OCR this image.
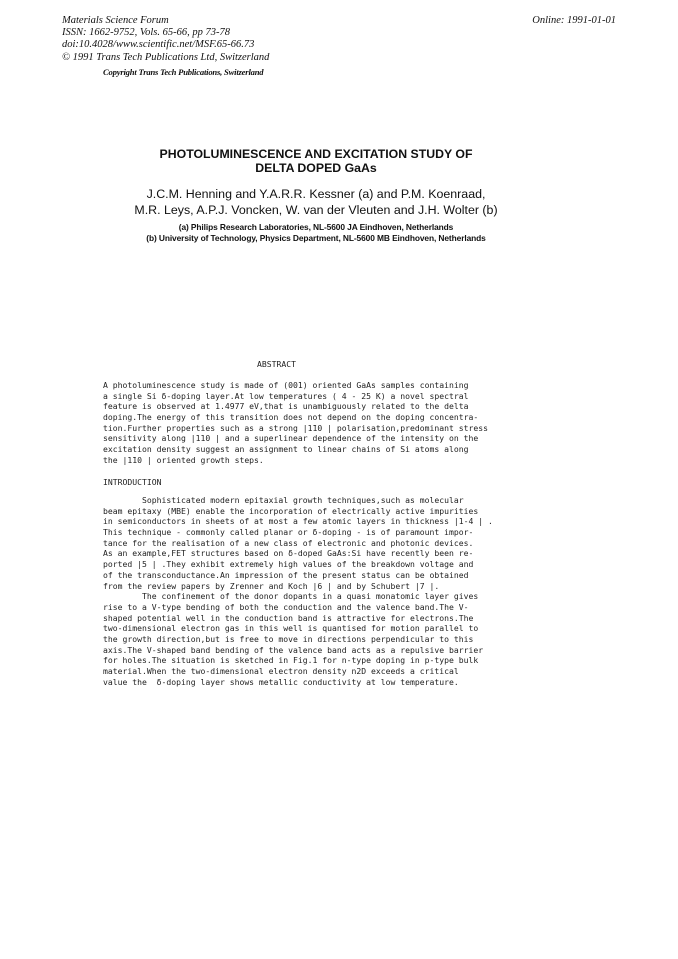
Materials Science Forum
ISSN: 1662-9752, Vols. 65-66, pp 73-78
doi:10.4028/www.scientific.net/MSF.65-66.73
© 1991 Trans Tech Publications Ltd, Switzerland
Online: 1991-01-01
Copyright Trans Tech Publications, Switzerland
PHOTOLUMINESCENCE AND EXCITATION STUDY OF
DELTA DOPED GaAs
J.C.M. Henning and Y.A.R.R. Kessner (a) and P.M. Koenraad,
M.R. Leys, A.P.J. Voncken, W. van der Vleuten and J.H. Wolter (b)
(a) Philips Research Laboratories, NL-5600 JA Eindhoven, Netherlands
(b) University of Technology, Physics Department, NL-5600 MB Eindhoven, Netherlands
ABSTRACT
A photoluminescence study is made of (001) oriented GaAs samples containing
a single Si δ-doping layer.At low temperatures ( 4 - 25 K) a novel spectral
feature is observed at 1.4977 eV,that is unambiguously related to the delta
doping.The energy of this transition does not depend on the doping concentra-
tion.Further properties such as a strong |1̄10 | polarisation,predominant stress
sensitivity along |110 | and a superlinear dependence of the intensity on the
excitation density suggest an assignment to linear chains of Si atoms along
the |1̄10 | oriented growth steps.
INTRODUCTION
Sophisticated modern epitaxial growth techniques,such as molecular
beam epitaxy (MBE) enable the incorporation of electrically active impurities
in semiconductors in sheets of at most a few atomic layers in thickness |1-4 | .
This technique - commonly called planar or δ-doping - is of paramount impor-
tance for the realisation of a new class of electronic and photonic devices.
As an example,FET structures based on δ-doped GaAs:Si have recently been re-
ported |5 | .They exhibit extremely high values of the breakdown voltage and
of the transconductance.An impression of the present status can be obtained
from the review papers by Zrenner and Koch |6 | and by Schubert |7 |.
The confinement of the donor dopants in a quasi monatomic layer gives
rise to a V-type bending of both the conduction and the valence band.The V-
shaped potential well in the conduction band is attractive for electrons.The
two-dimensional electron gas in this well is quantised for motion parallel to
the growth direction,but is free to move in directions perpendicular to this
axis.The V-shaped band bending of the valence band acts as a repulsive barrier
for holes.The situation is sketched in Fig.1 for n-type doping in p-type bulk
material.When the two-dimensional electron density n2D exceeds a critical
value the  δ-doping layer shows metallic conductivity at low temperature.
